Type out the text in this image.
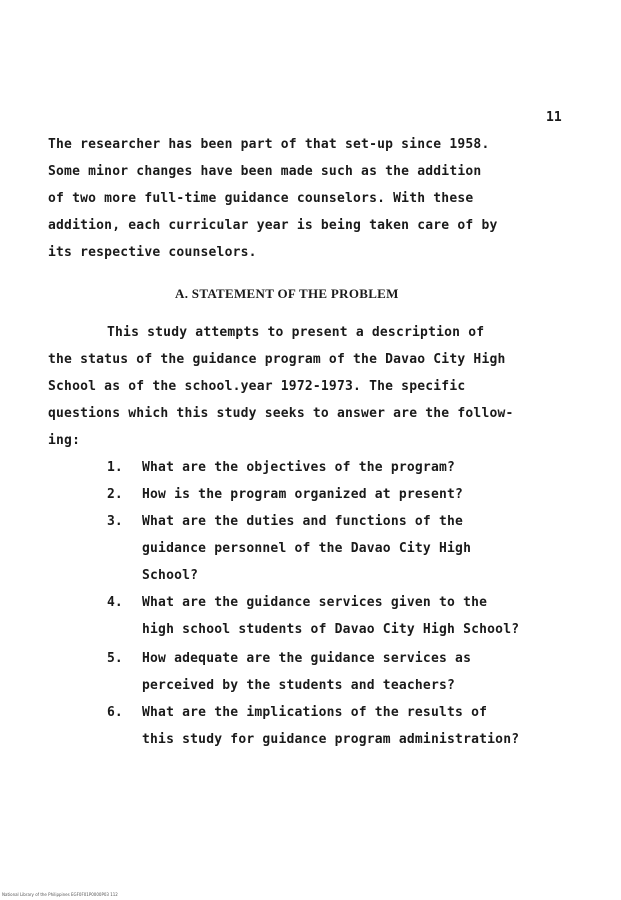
11
The researcher has been part of that set-up since 1958.
Some minor changes have been made such as the addition
of two more full-time guidance counselors. With these
addition, each curricular year is being taken care of by
its respective counselors.
A. STATEMENT OF THE PROBLEM
This study attempts to present a description of
the status of the guidance program of the Davao City High
School as of the school.year 1972-1973. The specific
questions which this study seeks to answer are the follow-
ing:
1. What are the objectives of the program?
2. How is the program organized at present?
3. What are the duties and functions of the
guidance personnel of the Davao City High
School?
4. What are the guidance services given to the
high school students of Davao City High School?
5. How adequate are the guidance services as
perceived by the students and teachers?
6. What are the implications of the results of
this study for guidance program administration?
National Library of the Philippines EGF0F01P0000P03 112
